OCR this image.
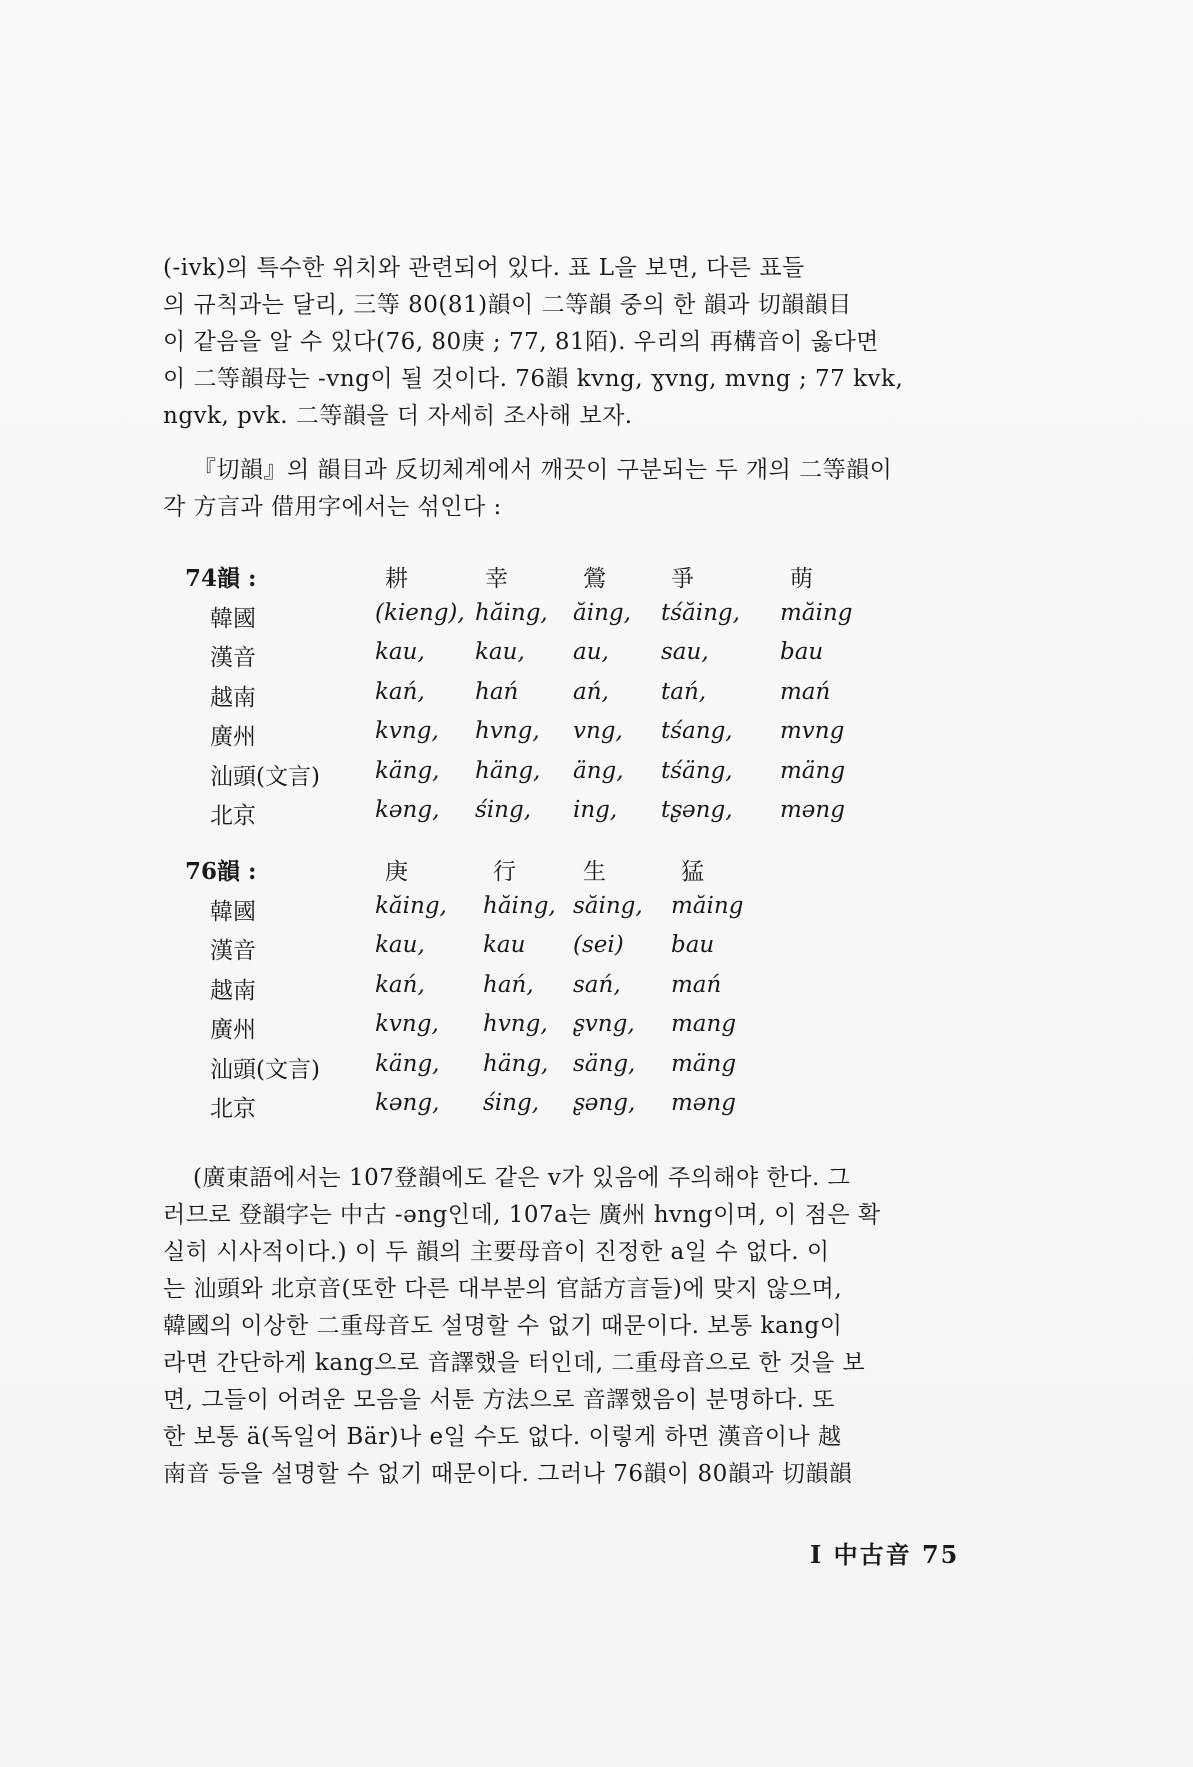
(-ivk)의 특수한 위치와 관련되어 있다. 표 L을 보면, 다른 표들
의 규칙과는 달리, 三等 80(81)韻이 二等韻 중의 한 韻과 切韻韻目
이 같음을 알 수 있다(76, 80庚 ; 77, 81陌). 우리의 再構音이 옳다면
이 二等韻母는 -vng이 될 것이다. 76韻 kvng, ɣvng, mvng ; 77 kvk,
ngvk, pvk. 二等韻을 더 자세히 조사해 보자.
『切韻』의 韻目과 反切체계에서 깨끗이 구분되는 두 개의 二等韻이
각 方言과 借用字에서는 섞인다 :
74韻 :	耕	幸	鶯	爭	萌
韓國	(kieng), hăing, ăing, tśăing, măing
漢音	kau, kau, au, sau,	bau
越南	kań, hań ań, tań,	mań
廣州	kvng, hvng, vng, tśang, mvng
汕頭(文言) käng, häng, äng, tśäng, mäng
北京	kəng, śing, ing, tʂəng, məng
76韻 :	庚	行	生	猛
韓國	kăing, hăing, săing, măing
漢音	kau,	kau (sei) bau
越南	kań,	hań, sań, mań
廣州	kvng, hvng, ʂvng, mang
汕頭(文言) käng, häng, säng, mäng
北京	kəng, śing, ʂəng, məng
(廣東語에서는 107登韻에도 같은 v가 있음에 주의해야 한다. 그
러므로 登韻字는 中古 -əng인데, 107a는 廣州 hvng이며, 이 점은 확
실히 시사적이다.) 이 두 韻의 主要母音이 진정한 a일 수 없다. 이
는 汕頭와 北京音(또한 다른 대부분의 官話方言들)에 맞지 않으며,
韓國의 이상한 二重母音도 설명할 수 없기 때문이다. 보통 kang이
라면 간단하게 kang으로 音譯했을 터인데, 二重母音으로 한 것을 보
면, 그들이 어려운 모음을 서툰 方法으로 音譯했음이 분명하다. 또
한 보통 ä(독일어 Bär)나 e일 수도 없다. 이렇게 하면 漢音이나 越
南音 등을 설명할 수 없기 때문이다. 그러나 76韻이 80韻과 切韻韻
I 中古音 75
